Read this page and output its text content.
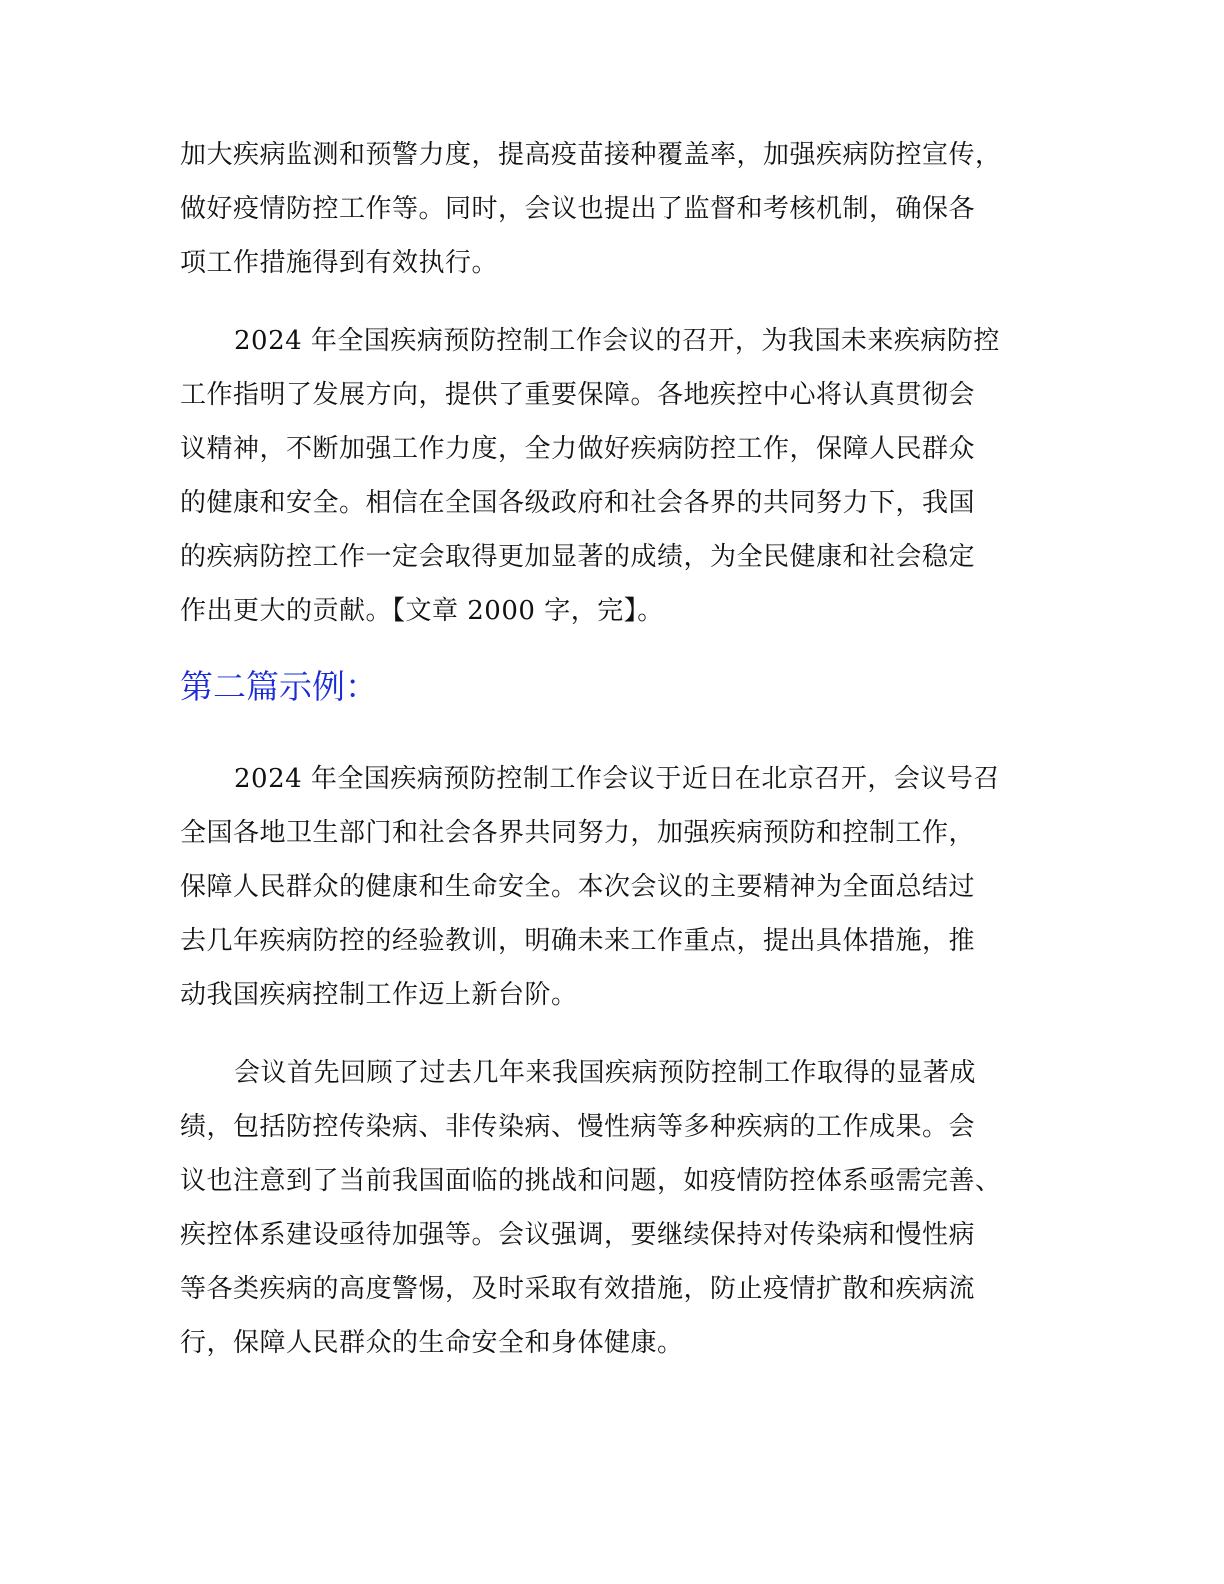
加大疾病监测和预警力度，提高疫苗接种覆盖率，加强疾病防控宣传，
做好疫情防控工作等。同时，会议也提出了监督和考核机制，确保各
项工作措施得到有效执行。

2024 年全国疾病预防控制工作会议的召开，为我国未来疾病防控
工作指明了发展方向，提供了重要保障。各地疾控中心将认真贯彻会
议精神，不断加强工作力度，全力做好疾病防控工作，保障人民群众
的健康和安全。相信在全国各级政府和社会各界的共同努力下，我国
的疾病防控工作一定会取得更加显著的成绩，为全民健康和社会稳定
作出更大的贡献。【文章 2000 字，完】。

第二篇示例：

2024 年全国疾病预防控制工作会议于近日在北京召开，会议号召
全国各地卫生部门和社会各界共同努力，加强疾病预防和控制工作，
保障人民群众的健康和生命安全。本次会议的主要精神为全面总结过
去几年疾病防控的经验教训，明确未来工作重点，提出具体措施，推
动我国疾病控制工作迈上新台阶。

会议首先回顾了过去几年来我国疾病预防控制工作取得的显著成
绩，包括防控传染病、非传染病、慢性病等多种疾病的工作成果。会
议也注意到了当前我国面临的挑战和问题，如疫情防控体系亟需完善、
疾控体系建设亟待加强等。会议强调，要继续保持对传染病和慢性病
等各类疾病的高度警惕，及时采取有效措施，防止疫情扩散和疾病流
行，保障人民群众的生命安全和身体健康。
